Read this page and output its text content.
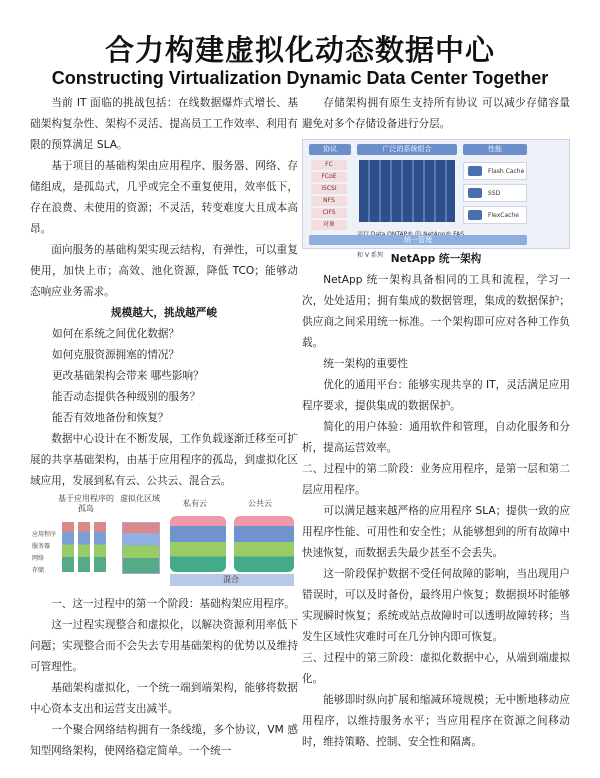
合力构建虚拟化动态数据中心
Constructing Virtualization Dynamic Data Center Together
当前 IT 面临的挑战包括：在线数据爆炸式增长、基础架构复杂性、架构不灵活、提高员工工作效率、利用有限的预算满足 SLA。
基于项目的基础构架由应用程序、服务器、网络、存储组成，是孤岛式，几乎或完全不重复使用，效率低下，存在浪费、未使用的资源；不灵活，转变难度大且成本高昂。
面向服务的基础构架实现云结构，有弹性，可以重复使用，加快上市；高效、池化资源，降低 TCO；能够动态响应业务需求。
规模越大，挑战越严峻
如何在系统之间优化数据？
如何克服资源拥塞的情况？
更改基础架构会带来 哪些影响？
能否动态提供各种级别的服务？
能否有效地备份和恢复？
数据中心设计在不断发展，工作负载逐渐迁移至可扩展的共享基础架构，由基于应用程序的孤岛，到虚拟化区域应用，发展到私有云、公共云、混合云。
基于应用程序的孤岛
虚拟化区域
私有云	公共云
应用程序
服务器
网络
存储
混合
一、这一过程中的第一个阶段：基础构架应用程序。
这一过程实现整合和虚拟化，以解决资源利用率低下问题；实现整合而不会失去专用基础架构的优势以及维持可管理性。
基础架构虚拟化，一个统一端到端架构，能够将数据中心资本支出和运营支出减半。
一个聚合网络结构拥有一条线缆，多个协议，VM 感知型网络架构，使网络稳定简单。一个统一
存储架构拥有原生支持所有协议 可以减少存储容量 避免对多个存储设备进行分层。
协议	广泛的系统组合	性能
FC
FCoE
iSCSI
NFS
CIFS
对象
和 V 系列
Flash Cache
SSD
FlexCache
统一管理
NetApp 统一架构
NetApp 统一架构具备相同的工具和流程，学习一次，处处适用；拥有集成的数据管理，集成的数据保护；供应商之间采用统一标准。一个架构即可应对各种工作负载。
统一架构的重要性
优化的通用平台：能够实现共享的 IT，灵活满足应用程序要求，提供集成的数据保护。
简化的用户体验：通用软件和管理，自动化服务和分析，提高运营效率。
二、过程中的第二阶段：业务应用程序，是第一层和第二层应用程序。
可以满足越来越严格的应用程序 SLA；提供一致的应用程序性能、可用性和安全性；从能够想到的所有故障中快速恢复，而数据丢失最少甚至不会丢失。
这一阶段保护数据不受任何故障的影响，当出现用户错误时，可以及时备份，最终用户恢复；数据损坏时能够实现瞬时恢复；系统或站点故障时可以透明故障转移；当发生区域性灾难时可在几分钟内即可恢复。
三、过程中的第三阶段：虚拟化数据中心，从端到端虚拟化。
能够即时纵向扩展和缩减环境规模；无中断地移动应用程序，以维持服务水平；当应用程序在资源之间移动时，维持策略、控制、安全性和隔离。
